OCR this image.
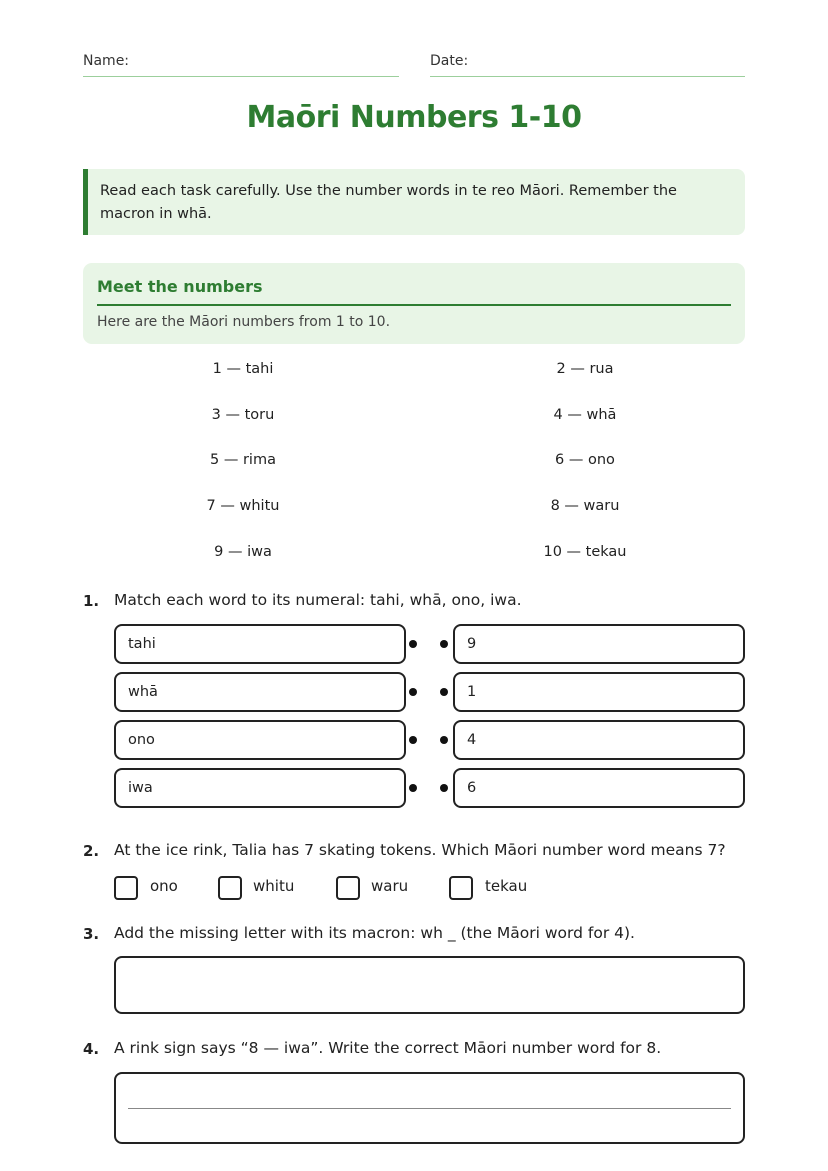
Name:	Date:
Maōri Numbers 1-10
Read each task carefully. Use the number words in te reo Māori. Remember the macron in whā.
Meet the numbers
Here are the Māori numbers from 1 to 10.
1 — tahi	2 — rua
3 — toru	4 — whā
5 — rima	6 — ono
7 — whitu	8 — waru
9 — iwa	10 — tekau
1. Match each word to its numeral: tahi, whā, ono, iwa.
tahi	9
whā	1
ono	4
iwa	6
2. At the ice rink, Talia has 7 skating tokens. Which Māori number word means 7?
ono	whitu	waru	tekau
3. Add the missing letter with its macron: wh _ (the Māori word for 4).
4. A rink sign says “8 — iwa”. Write the correct Māori number word for 8.
